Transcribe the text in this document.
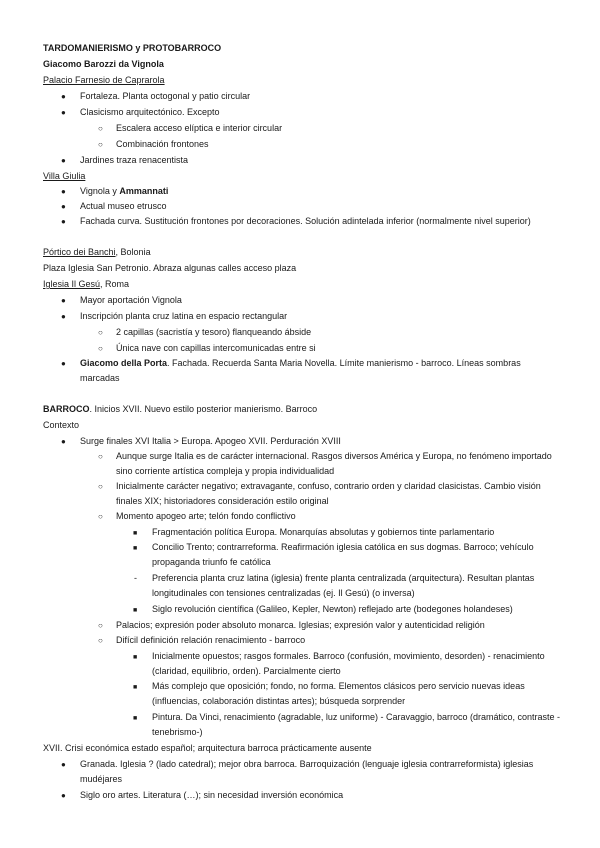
TARDOMANIERISMO y PROTOBARROCO
Giacomo Barozzi da Vignola
Palacio Farnesio de Caprarola
● Fortaleza. Planta octogonal y patio circular
● Clasicismo arquitectónico. Excepto
○ Escalera acceso elíptica e interior circular
○ Combinación frontones
● Jardines traza renacentista
Villa Giulia
● Vignola y Ammannati
● Actual museo etrusco
● Fachada curva. Sustitución frontones por decoraciones. Solución adintelada inferior (normalmente nivel superior)
Pórtico dei Banchi, Bolonia
Plaza Iglesia San Petronio. Abraza algunas calles acceso plaza
Iglesia Il Gesú, Roma
● Mayor aportación Vignola
● Inscripción planta cruz latina en espacio rectangular
○ 2 capillas (sacristía y tesoro) flanqueando ábside
○ Única nave con capillas intercomunicadas entre si
● Giacomo della Porta. Fachada. Recuerda Santa Maria Novella. Límite manierismo - barroco. Líneas sombras marcadas
BARROCO. Inicios XVII. Nuevo estilo posterior manierismo. Barroco
Contexto
● Surge finales XVI Italia > Europa. Apogeo XVII. Perduración XVIII
○ Aunque surge Italia es de carácter internacional. Rasgos diversos América y Europa, no fenómeno importado sino corriente artística compleja y propia individualidad
○ Inicialmente carácter negativo; extravagante, confuso, contrario orden y claridad clasicistas. Cambio visión finales XIX; historiadores consideración estilo original
○ Momento apogeo arte; telón fondo conflictivo
■ Fragmentación política Europa. Monarquías absolutas y gobiernos tinte parlamentario
■ Concilio Trento; contrarreforma. Reafirmación iglesia católica en sus dogmas. Barroco; vehículo propaganda triunfo fe católica
- Preferencia planta cruz latina (iglesia) frente planta centralizada (arquitectura). Resultan plantas longitudinales con tensiones centralizadas (ej. Il Gesú) (o inversa)
■ Siglo revolución científica (Galileo, Kepler, Newton) reflejado arte (bodegones holandeses)
○ Palacios; expresión poder absoluto monarca. Iglesias; expresión valor y autenticidad religión
○ Difícil definición relación renacimiento - barroco
■ Inicialmente opuestos; rasgos formales. Barroco (confusión, movimiento, desorden) - renacimiento (claridad, equilibrio, orden). Parcialmente cierto
■ Más complejo que oposición; fondo, no forma. Elementos clásicos pero servicio nuevas ideas (influencias, colaboración distintas artes); búsqueda sorprender
■ Pintura. Da Vinci, renacimiento (agradable, luz uniforme) - Caravaggio, barroco (dramático, contraste -tenebrismo-)
XVII. Crisi económica estado español; arquitectura barroca prácticamente ausente
● Granada. Iglesia ? (lado catedral); mejor obra barroca. Barroquización (lenguaje iglesia contrarreformista) iglesias mudéjares
● Siglo oro artes. Literatura (…); sin necesidad inversión económica
